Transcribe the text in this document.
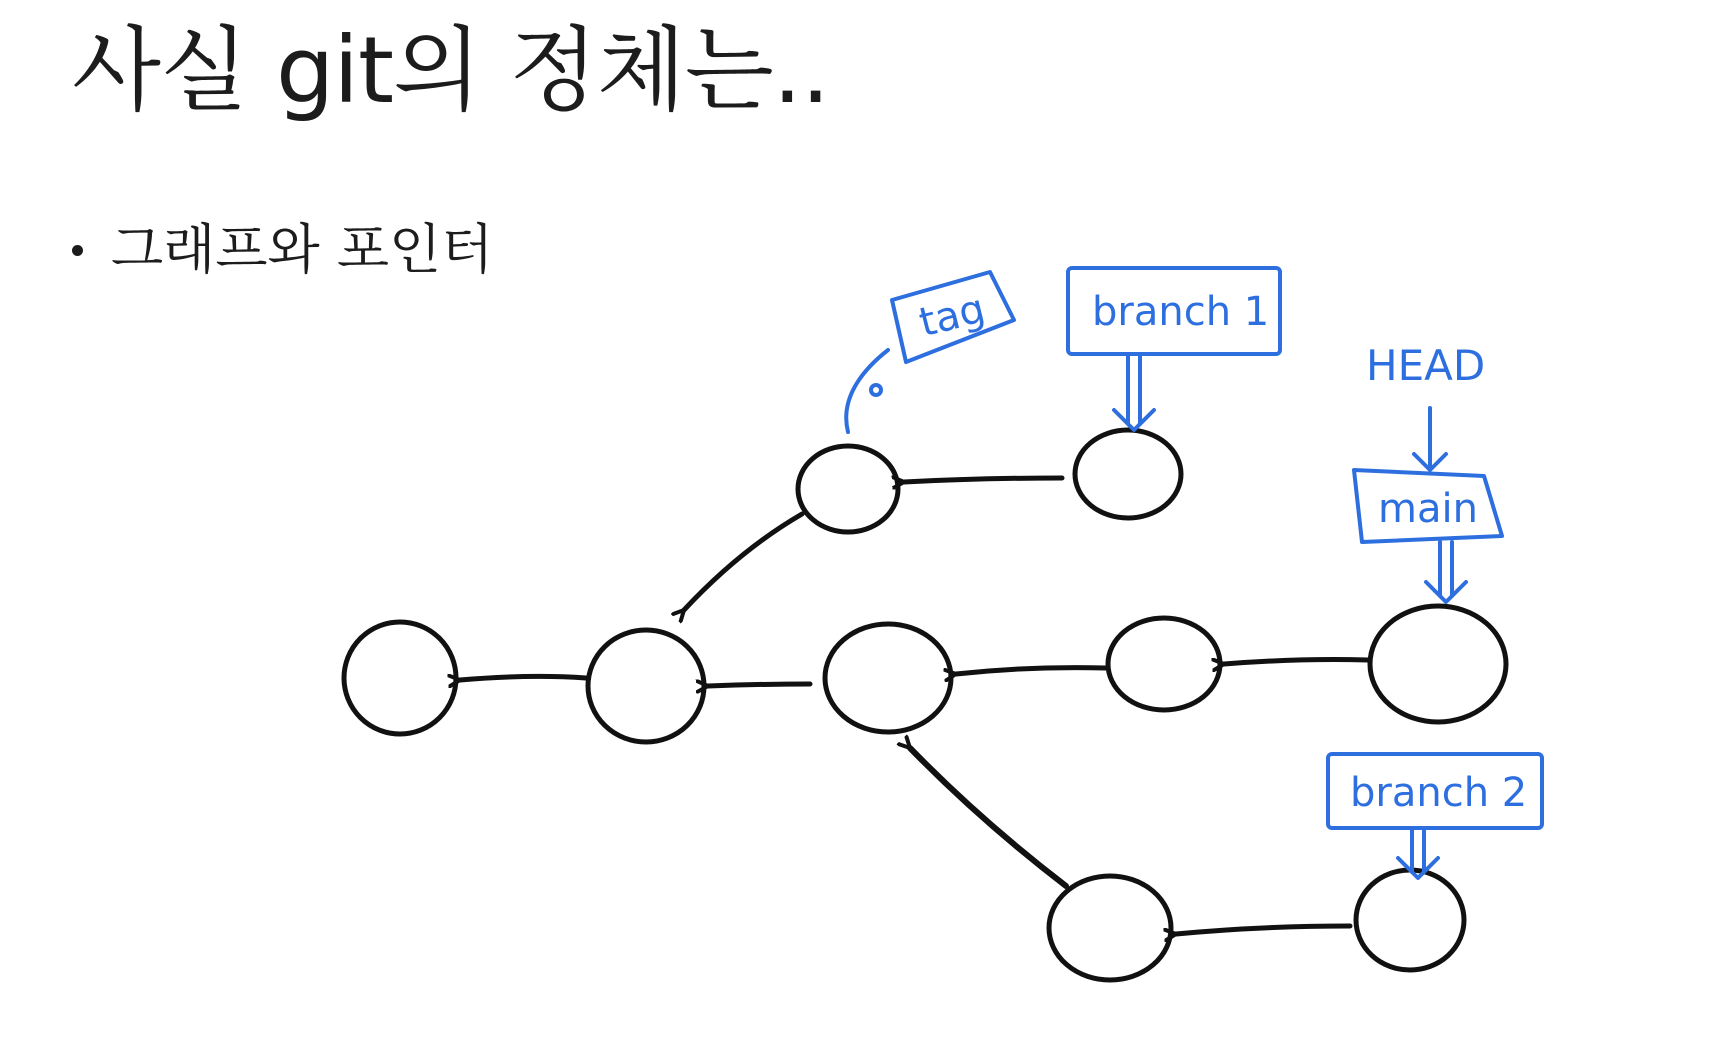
사실 git의 정체는..
그래프와 포인터
tag	branch 1
HEAD
main
branch 2
